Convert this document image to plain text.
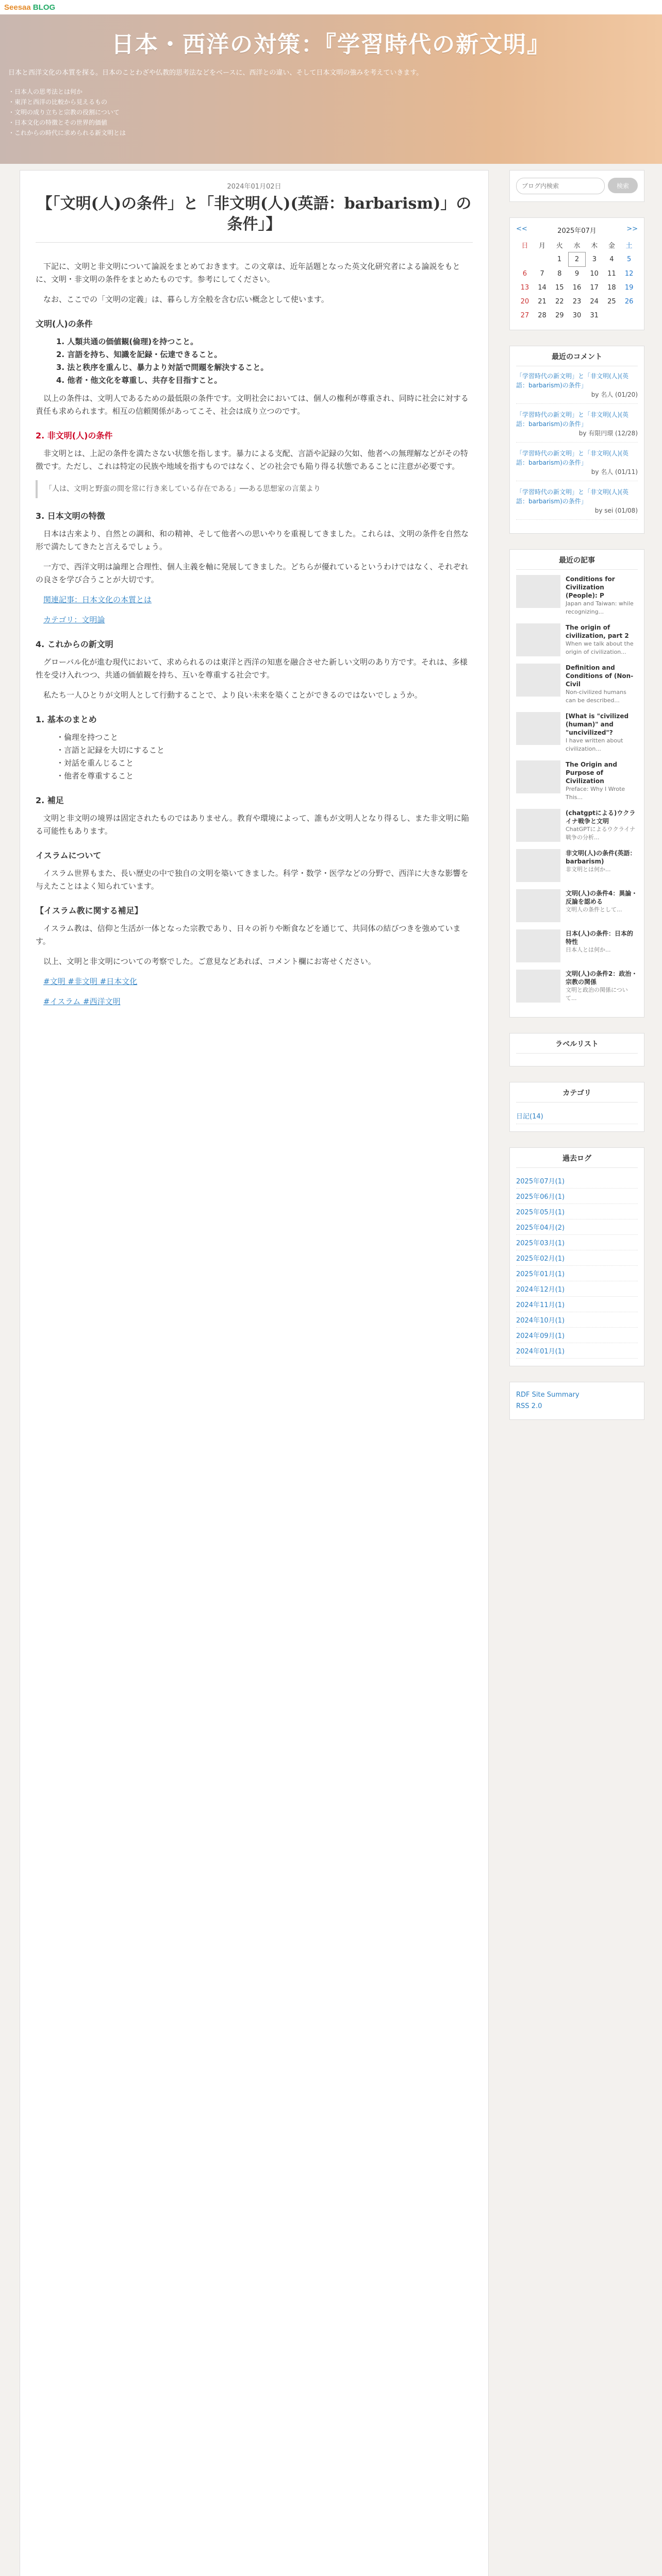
Seesaa BLOG
日本・西洋の対策：『学習時代の新文明』
日本と西洋文化の本質を探る。日本のことわざや仏教的思考法などをベースに、西洋との違い、そして日本文明の強みを考えていきます。
・ 日本人の思考法とは何か
・ 東洋と西洋の比較から見えるもの
・ 文明の成り立ちと宗教の役割について
・ 日本文化の特徴とその世界的価値
・ これからの時代に求められる新文明とは
2024年01月02日
【「文明(人)の条件」と「非文明(人)(英語：barbarism)」の条件」】

下記に、文明と非文明について論説をまとめておきます。この文章は、近年話題となった英文化研究者による論説をもとに、文明・非文明の条件をまとめたものです。参考にしてください。

なお、ここでの「文明の定義」は、暮らし方全般を含む広い概念として使います。

文明(人)の条件
1. 人類共通の価値観(倫理)を持つこと。
2. 言語を持ち、知識を記録・伝達できること。
3. 法と秩序を重んじ、暴力より対話で問題を解決すること。
4. 他者・他文化を尊重し、共存を目指すこと。

以上の条件は、文明人であるための最低限の条件です。文明社会においては、個人の権利が尊重され、同時に社会に対する責任も求められます。相互の信頼関係があってこそ、社会は成り立つのです。

2. 非文明(人)の条件

非文明とは、上記の条件を満たさない状態を指します。暴力による支配、言語や記録の欠如、他者への無理解などがその特徴です。ただし、これは特定の民族や地域を指すものではなく、どの社会でも陥り得る状態であることに注意が必要です。

「人は、文明と野蛮の間を常に行き来している存在である」──ある思想家の言葉より
3. 日本文明の特徴

日本は古来より、自然との調和、和の精神、そして他者への思いやりを重視してきました。これらは、文明の条件を自然な形で満たしてきたと言えるでしょう。

一方で、西洋文明は論理と合理性、個人主義を軸に発展してきました。どちらが優れているというわけではなく、それぞれの良さを学び合うことが大切です。

関連記事：日本文化の本質とは

カテゴリ：文明論

4. これからの新文明

グローバル化が進む現代において、求められるのは東洋と西洋の知恵を融合させた新しい文明のあり方です。それは、多様性を受け入れつつ、共通の価値観を持ち、互いを尊重する社会です。

私たち一人ひとりが文明人として行動することで、より良い未来を築くことができるのではないでしょうか。

1. 基本のまとめ
・倫理を持つこと
・言語と記録を大切にすること
・対話を重んじること
・他者を尊重すること
2. 補足

文明と非文明の境界は固定されたものではありません。教育や環境によって、誰もが文明人となり得るし、また非文明に陥る可能性もあります。

イスラムについて

イスラム世界もまた、長い歴史の中で独自の文明を築いてきました。科学・数学・医学などの分野で、西洋に大きな影響を与えたことはよく知られています。

【イスラム教に関する補足】

イスラム教は、信仰と生活が一体となった宗教であり、日々の祈りや断食などを通じて、共同体の結びつきを強めています。

以上、文明と非文明についての考察でした。ご意見などあれば、コメント欄にお寄せください。

#文明 #非文明 #日本文化

#イスラム #西洋文明

ブログ内検索
検索
<<	2025年07月	>>
日	月	火	水	木	金	土
		1	2	3	4	5
6	7	8	9	10	11	12
13	14	15	16	17	18	19
20	21	22	23	24	25	26
27	28	29	30	31		
最近のコメント
「学習時代の新文明」と「非文明(人)(英語：barbarism)の条件」
by 名人 (01/20)
「学習時代の新文明」と「非文明(人)(英語：barbarism)の条件」
by 有限円環 (12/28)
「学習時代の新文明」と「非文明(人)(英語：barbarism)の条件」
by 名人 (01/11)
「学習時代の新文明」と「非文明(人)(英語：barbarism)の条件」
by sei (01/08)
最近の記事
Conditions for Civilization (People): P
Japan and Taiwan: while recognizing...
The origin of civilization, part 2
When we talk about the origin of civilization...
Definition and Conditions of (Non-Civil
Non-civilized humans can be described...
[What is "civilized (human)" and "uncivilized"?
I have written about civilization...
The Origin and Purpose of Civilization
Preface: Why I Wrote This...
(chatgptによる)ウクライナ戦争と文明
ChatGPTによるウクライナ戦争の分析...
非文明(人)の条件(英語：barbarism)
非文明とは何か...
文明(人)の条件4：異論・反論を認める
文明人の条件として...
日本(人)の条件：日本的特性
日本人とは何か...
文明(人)の条件2：政治・宗教の関係
文明と政治の関係について...
ラベルリスト
カテゴリ
日記(14)
過去ログ
2025年07月(1)
2025年06月(1)
2025年05月(1)
2025年04月(2)
2025年03月(1)
2025年02月(1)
2025年01月(1)
2024年12月(1)
2024年11月(1)
2024年10月(1)
2024年09月(1)
2024年01月(1)
RDF Site Summary
RSS 2.0
